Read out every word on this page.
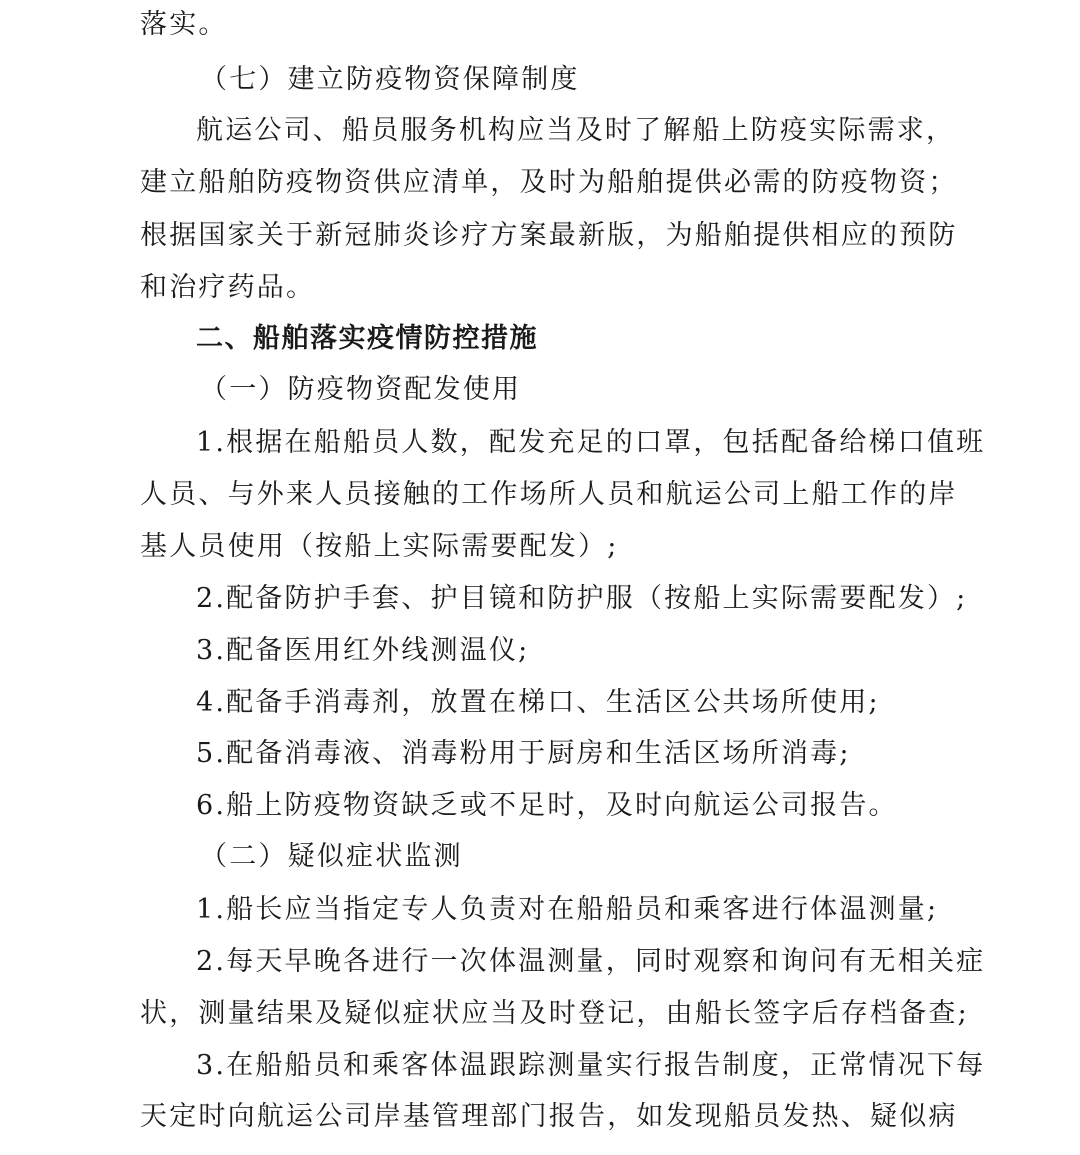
落实。
（七）建立防疫物资保障制度
航运公司、船员服务机构应当及时了解船上防疫实际需求，
建立船舶防疫物资供应清单，及时为船舶提供必需的防疫物资；
根据国家关于新冠肺炎诊疗方案最新版，为船舶提供相应的预防
和治疗药品。
二、船舶落实疫情防控措施
（一）防疫物资配发使用
1.根据在船船员人数，配发充足的口罩，包括配备给梯口值班
人员、与外来人员接触的工作场所人员和航运公司上船工作的岸
基人员使用（按船上实际需要配发）;
2.配备防护手套、护目镜和防护服（按船上实际需要配发）;
3.配备医用红外线测温仪;
4.配备手消毒剂，放置在梯口、生活区公共场所使用;
5.配备消毒液、消毒粉用于厨房和生活区场所消毒;
6.船上防疫物资缺乏或不足时，及时向航运公司报告。
（二）疑似症状监测
1.船长应当指定专人负责对在船船员和乘客进行体温测量;
2.每天早晚各进行一次体温测量，同时观察和询问有无相关症
状，测量结果及疑似症状应当及时登记，由船长签字后存档备查;
3.在船船员和乘客体温跟踪测量实行报告制度，正常情况下每
天定时向航运公司岸基管理部门报告，如发现船员发热、疑似病
